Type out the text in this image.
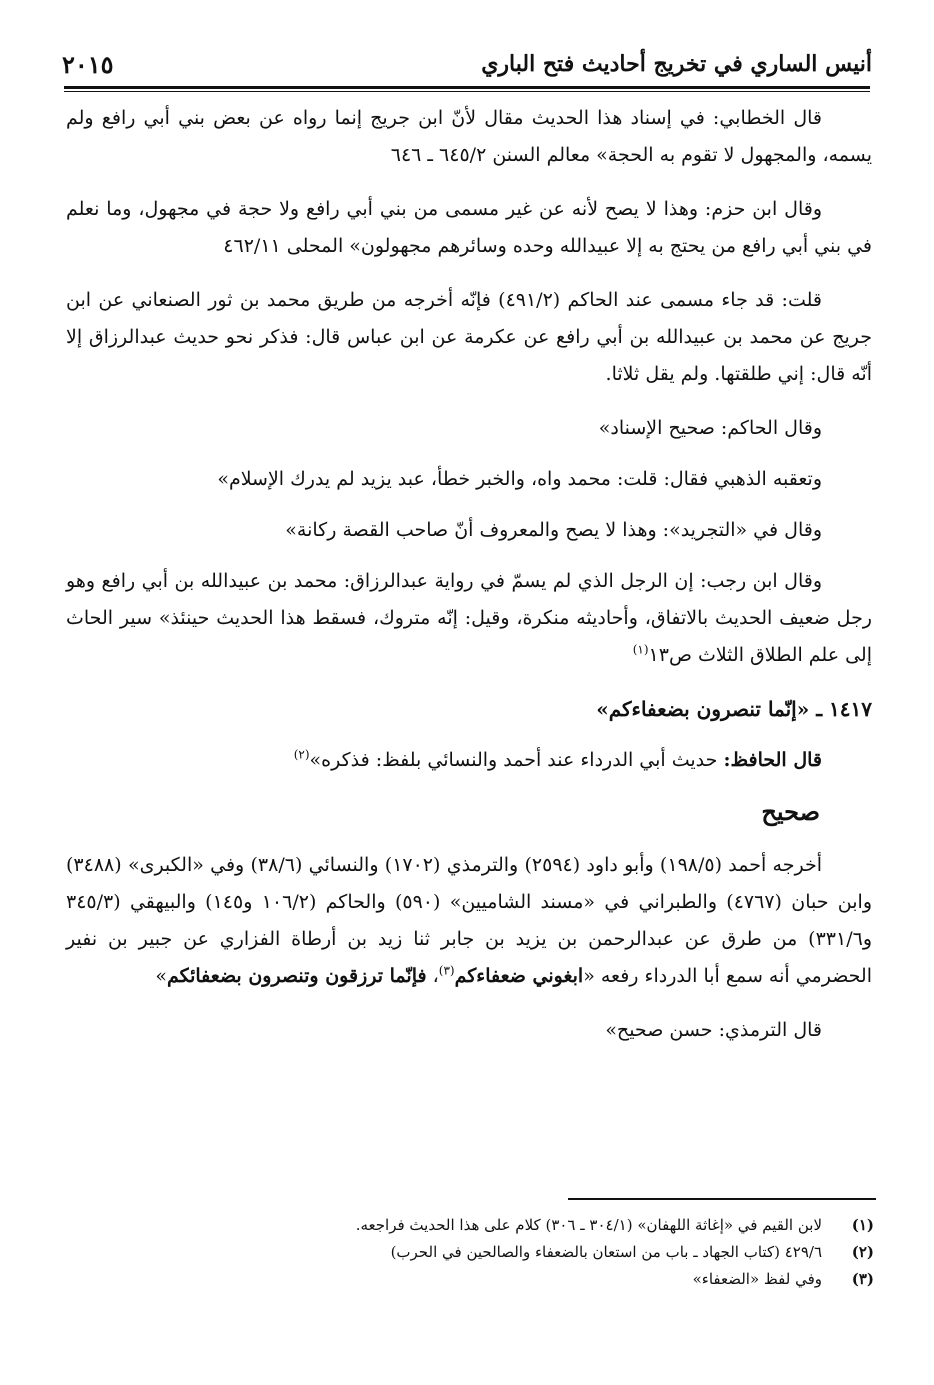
أنيس الساري في تخريج أحاديث فتح الباري
٢٠١٥

قال الخطابي: في إسناد هذا الحديث مقال لأنّ ابن جريج إنما رواه عن بعض بني أبي رافع ولم يسمه، والمجهول لا تقوم به الحجة» معالم السنن ٦٤٥/٢ ـ ٦٤٦

وقال ابن حزم: وهذا لا يصح لأنه عن غير مسمى من بني أبي رافع ولا حجة في مجهول، وما نعلم في بني أبي رافع من يحتج به إلا عبيدالله وحده وسائرهم مجهولون» المحلى ٤٦٢/١١

قلت: قد جاء مسمى عند الحاكم (٤٩١/٢) فإنّه أخرجه من طريق محمد بن ثور الصنعاني عن ابن جريج عن محمد بن عبيدالله بن أبي رافع عن عكرمة عن ابن عباس قال: فذكر نحو حديث عبدالرزاق إلا أنّه قال: إني طلقتها. ولم يقل ثلاثا.

وقال الحاكم: صحيح الإسناد»

وتعقبه الذهبي فقال: قلت: محمد واه، والخبر خطأ، عبد يزيد لم يدرك الإسلام»

وقال في «التجريد»: وهذا لا يصح والمعروف أنّ صاحب القصة ركانة»

وقال ابن رجب: إن الرجل الذي لم يسمّ في رواية عبدالرزاق: محمد بن عبيدالله بن أبي رافع وهو رجل ضعيف الحديث بالاتفاق، وأحاديثه منكرة، وقيل: إنّه متروك، فسقط هذا الحديث حينئذ» سير الحاث إلى علم الطلاق الثلاث ص١٣$^{(١)}$

١٤١٧ ـ «إنّما تنصرون بضعفاءكم»

قال الحافظ: حديث أبي الدرداء عند أحمد والنسائي بلفظ: فذكره»$^{(٢)}$

صحيح

أخرجه أحمد (١٩٨/٥) وأبو داود (٢٥٩٤) والترمذي (١٧٠٢) والنسائي (٣٨/٦) وفي «الكبرى» (٣٤٨٨) وابن حبان (٤٧٦٧) والطبراني في «مسند الشاميين» (٥٩٠) والحاكم (١٠٦/٢ و١٤٥) والبيهقي (٣٤٥/٣ و٣٣١/٦) من طرق عن عبدالرحمن بن يزيد بن جابر ثنا زيد بن أرطاة الفزاري عن جبير بن نفير الحضرمي أنه سمع أبا الدرداء رفعه «ابغوني ضعفاءكم$^{(٣)}$، فإنّما ترزقون وتنصرون بضعفائكم»

قال الترمذي: حسن صحيح»

(١)
لابن القيم في «إغاثة اللهفان» (٣٠٤/١ ـ ٣٠٦) كلام على هذا الحديث فراجعه.
(٢)
٤٢٩/٦ (كتاب الجهاد ـ باب من استعان بالضعفاء والصالحين في الحرب)
(٣)
وفي لفظ «الضعفاء»
